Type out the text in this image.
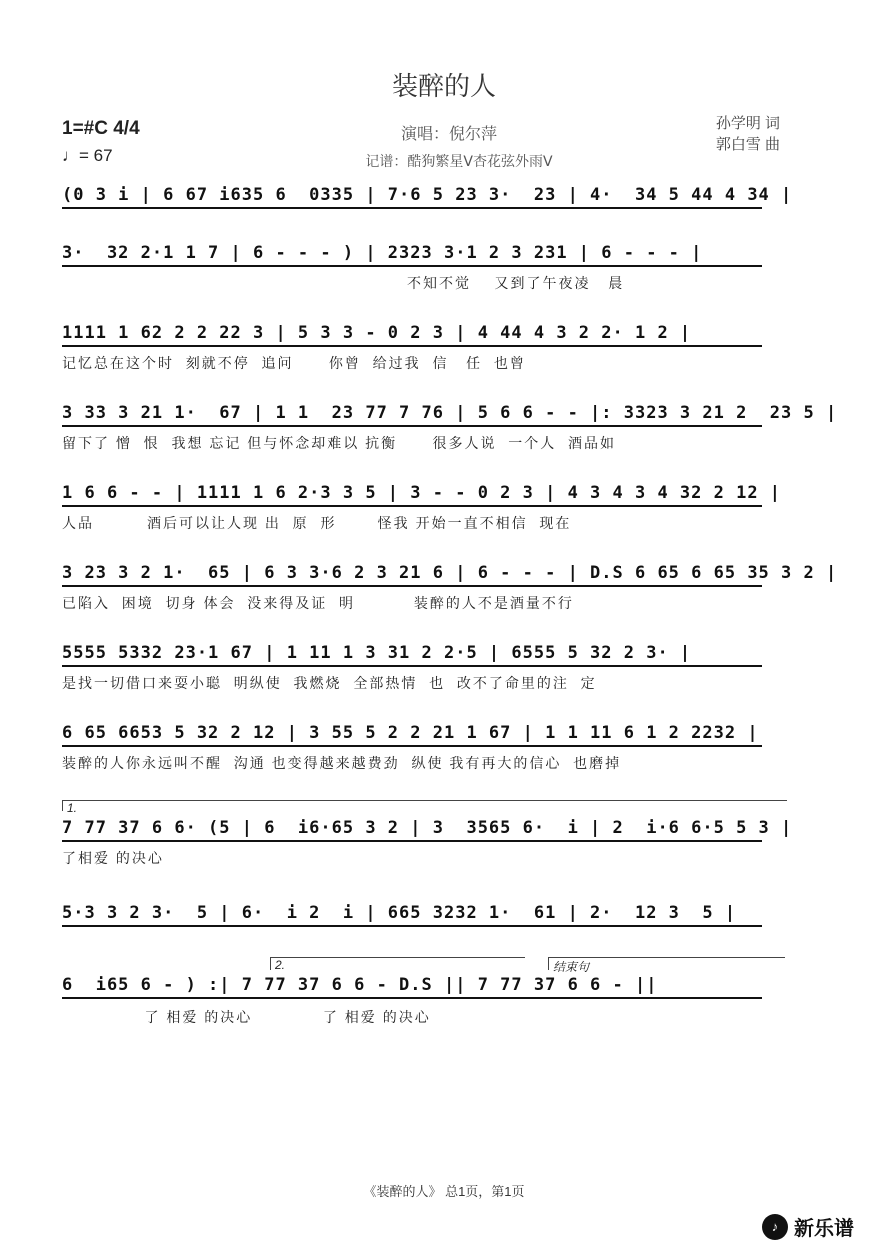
装醉的人
1=#C 4/4
♩= 67
演唱：倪尔萍
记谱：酷狗繁星V杏花弦外雨V
孙学明 词
郭白雪 曲
(0 3 i | 6 67 i635 6  0335 | 7·6 5 23 3·  23 | 4·  34 5 44 4 34 |
3·  32 2·1 1 7 | 6 - - - ) | 2323 3·1 2 3 231 | 6 - - - |
不知不觉    又到了午夜凌   晨
1111 1 62 2 2 22 3 | 5 3 3 - 0 2 3 | 4 44 4 3 2 2· 1 2 |
记忆总在这个时  刻就不停  追问      你曾  给过我  信   任  也曾
3 33 3 21 1·  67 | 1 1  23 77 7 76 | 5 6 6 - - |: 3323 3 21 2  23 5 |
留下了 憎  恨  我想 忘记 但与怀念却难以 抗衡      很多人说  一个人  酒品如
1 6 6 - - | 1111 1 6 2·3 3 5 | 3 - - 0 2 3 | 4 3 4 3 4 32 2 12 |
人品         酒后可以让人现 出  原  形       怪我 开始一直不相信  现在
3 23 3 2 1·  65 | 6 3 3·6 2 3 21 6 | 6 - - - | D.S 6 65 6 65 35 3 2 |
已陷入  困境  切身 体会  没来得及证  明          装醉的人不是酒量不行
5555 5332 23·1 67 | 1 11 1 3 31 2 2·5 | 6555 5 32 2 3· |
是找一切借口来耍小聪  明纵使  我燃烧  全部热情  也  改不了命里的注  定
6 65 6653 5 32 2 12 | 3 55 5 2 2 21 1 67 | 1 1 11 6 1 2 2232 |
装醉的人你永远叫不醒  沟通 也变得越来越费劲  纵使 我有再大的信心  也磨掉
1.
7 77 37 6 6· (5 | 6  i6·65 3 2 | 3  3565 6·  i | 2  i·6 6·5 5 3 |
了相爱 的决心
5·3 3 2 3·  5 | 6·  i 2  i | 665 3232 1·  61 | 2·  12 3  5 |
2.	结束句
6  i65 6 - ) :| 7 77 37 6 6 - D.S || 7 77 37 6 6 - ||
了 相爱 的决心            了 相爱 的决心
《装醉的人》 总1页，第1页
♪ 新乐谱
